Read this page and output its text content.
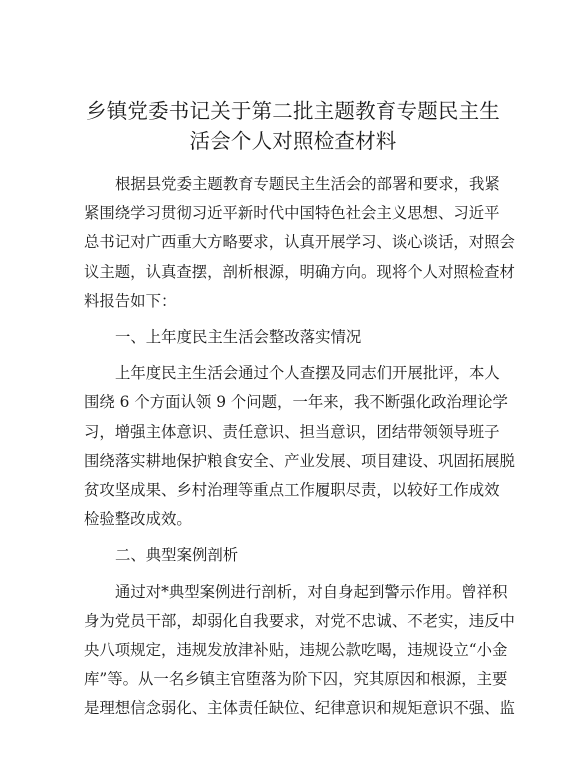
乡镇党委书记关于第二批主题教育专题民主生
活会个人对照检查材料

根据县党委主题教育专题民主生活会的部署和要求，我紧
紧围绕学习贯彻习近平新时代中国特色社会主义思想、习近平
总书记对广西重大方略要求，认真开展学习、谈心谈话，对照会
议主题，认真查摆，剖析根源，明确方向。现将个人对照检查材
料报告如下：

一、上年度民主生活会整改落实情况

上年度民主生活会通过个人查摆及同志们开展批评，本人
围绕 6 个方面认领 9 个问题，一年来，我不断强化政治理论学
习，增强主体意识、责任意识、担当意识，团结带领领导班子
围绕落实耕地保护粮食安全、产业发展、项目建设、巩固拓展脱
贫攻坚成果、乡村治理等重点工作履职尽责，以较好工作成效
检验整改成效。

二、典型案例剖析

通过对*典型案例进行剖析，对自身起到警示作用。曾祥积
身为党员干部，却弱化自我要求，对党不忠诚、不老实，违反中
央八项规定，违规发放津补贴，违规公款吃喝，违规设立“小金
库”等。从一名乡镇主官堕落为阶下囚，究其原因和根源，主要
是理想信念弱化、主体责任缺位、纪律意识和规矩意识不强、监
